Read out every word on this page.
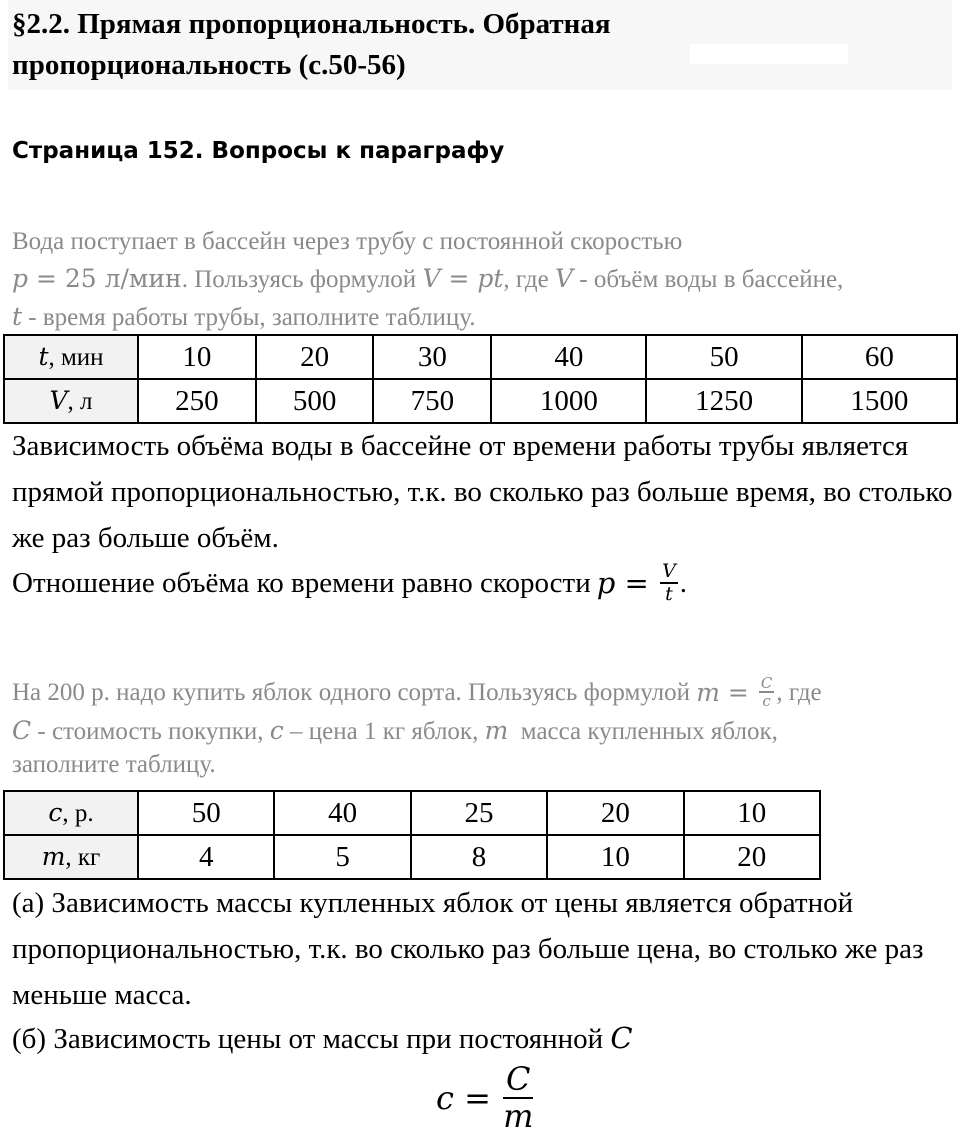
§2.2. Прямая пропорциональность. Обратная пропорциональность (с.50-56)
Страница 152. Вопросы к параграфу
Вода поступает в бассейн через трубу с постоянной скоростью
p = 25 л/мин. Пользуясь формулой V = pt, где V - объём воды в бассейне,
t - время работы трубы, заполните таблицу.
t, мин	10	20	30	40	50	60
V, л	250	500	750	1000	1250	1500
Зависимость объёма воды в бассейне от времени работы трубы является прямой пропорциональностью, т.к. во сколько раз больше время, во столько же раз больше объём.
Отношение объёма ко времени равно скорости $p = \frac{V}{t}$ .
На 200 р. надо купить яблок одного сорта. Пользуясь формулой $m = \frac{C}{c}$ , где
C - стоимость покупки, c – цена 1 кг яблок, m  масса купленных яблок,
заполните таблицу.
c, р.	50	40	25	20	10
m, кг	4	5	8	10	20
(а) Зависимость массы купленных яблок от цены является обратной пропорциональностью, т.к. во сколько раз больше цена, во столько же раз меньше масса.
(б) Зависимость цены от массы при постоянной C
$c = \frac{C}{m}$
